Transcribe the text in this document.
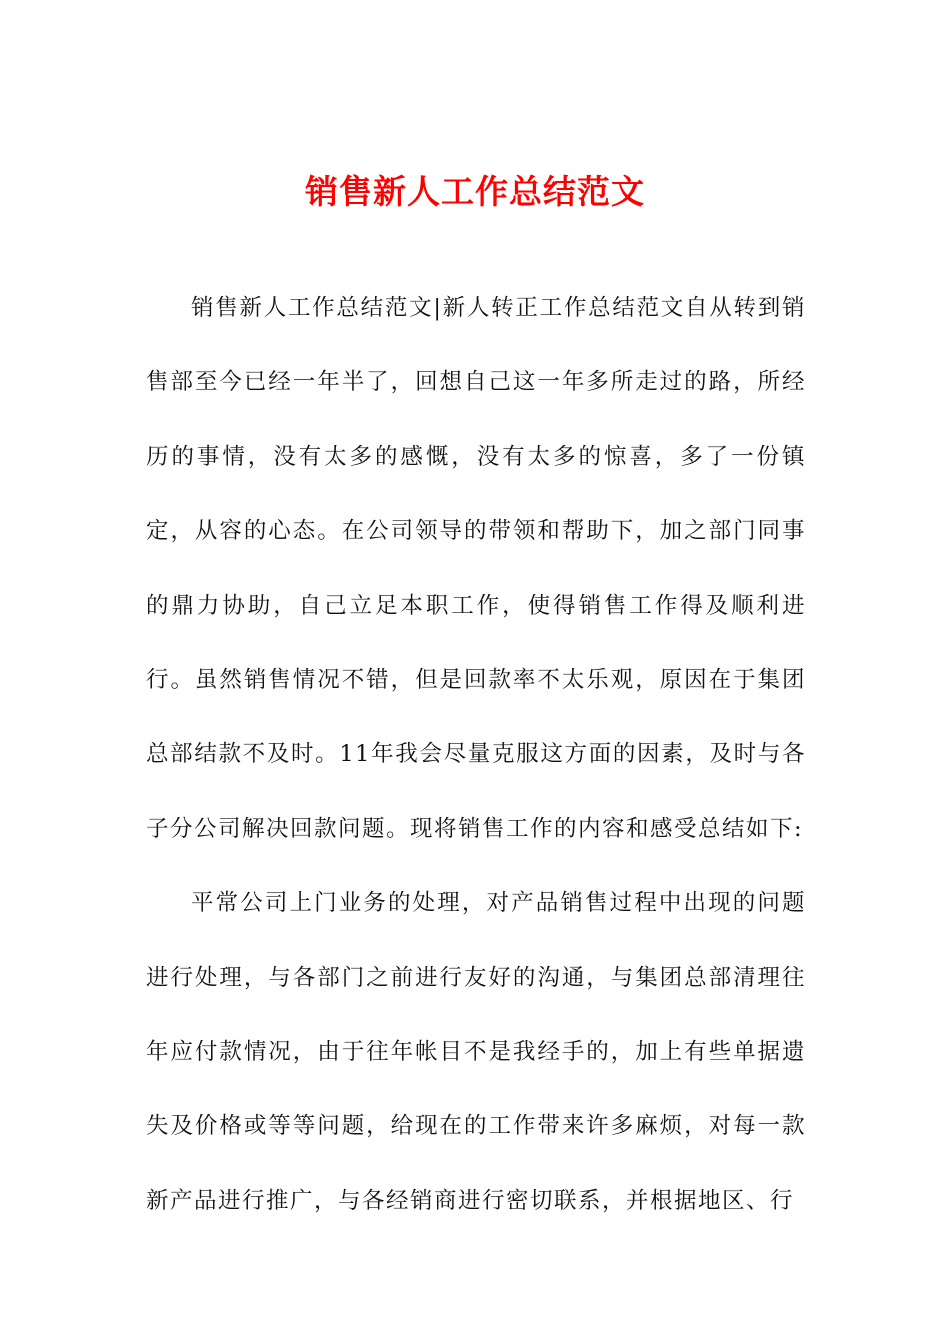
销售新人工作总结范文

销售新人工作总结范文|新人转正工作总结范文自从转到销售部至今已经一年半了，回想自己这一年多所走过的路，所经历的事情，没有太多的感慨，没有太多的惊喜，多了一份镇定，从容的心态。在公司领导的带领和帮助下，加之部门同事的鼎力协助，自己立足本职工作，使得销售工作得及顺利进行。虽然销售情况不错，但是回款率不太乐观，原因在于集团总部结款不及时。11年我会尽量克服这方面的因素，及时与各子分公司解决回款问题。现将销售工作的内容和感受总结如下:

平常公司上门业务的处理，对产品销售过程中出现的问题进行处理，与各部门之前进行友好的沟通，与集团总部清理往年应付款情况，由于往年帐目不是我经手的，加上有些单据遗失及价格或等等问题，给现在的工作带来许多麻烦，对每一款新产品进行推广，与各经销商进行密切联系，并根据地区、行
